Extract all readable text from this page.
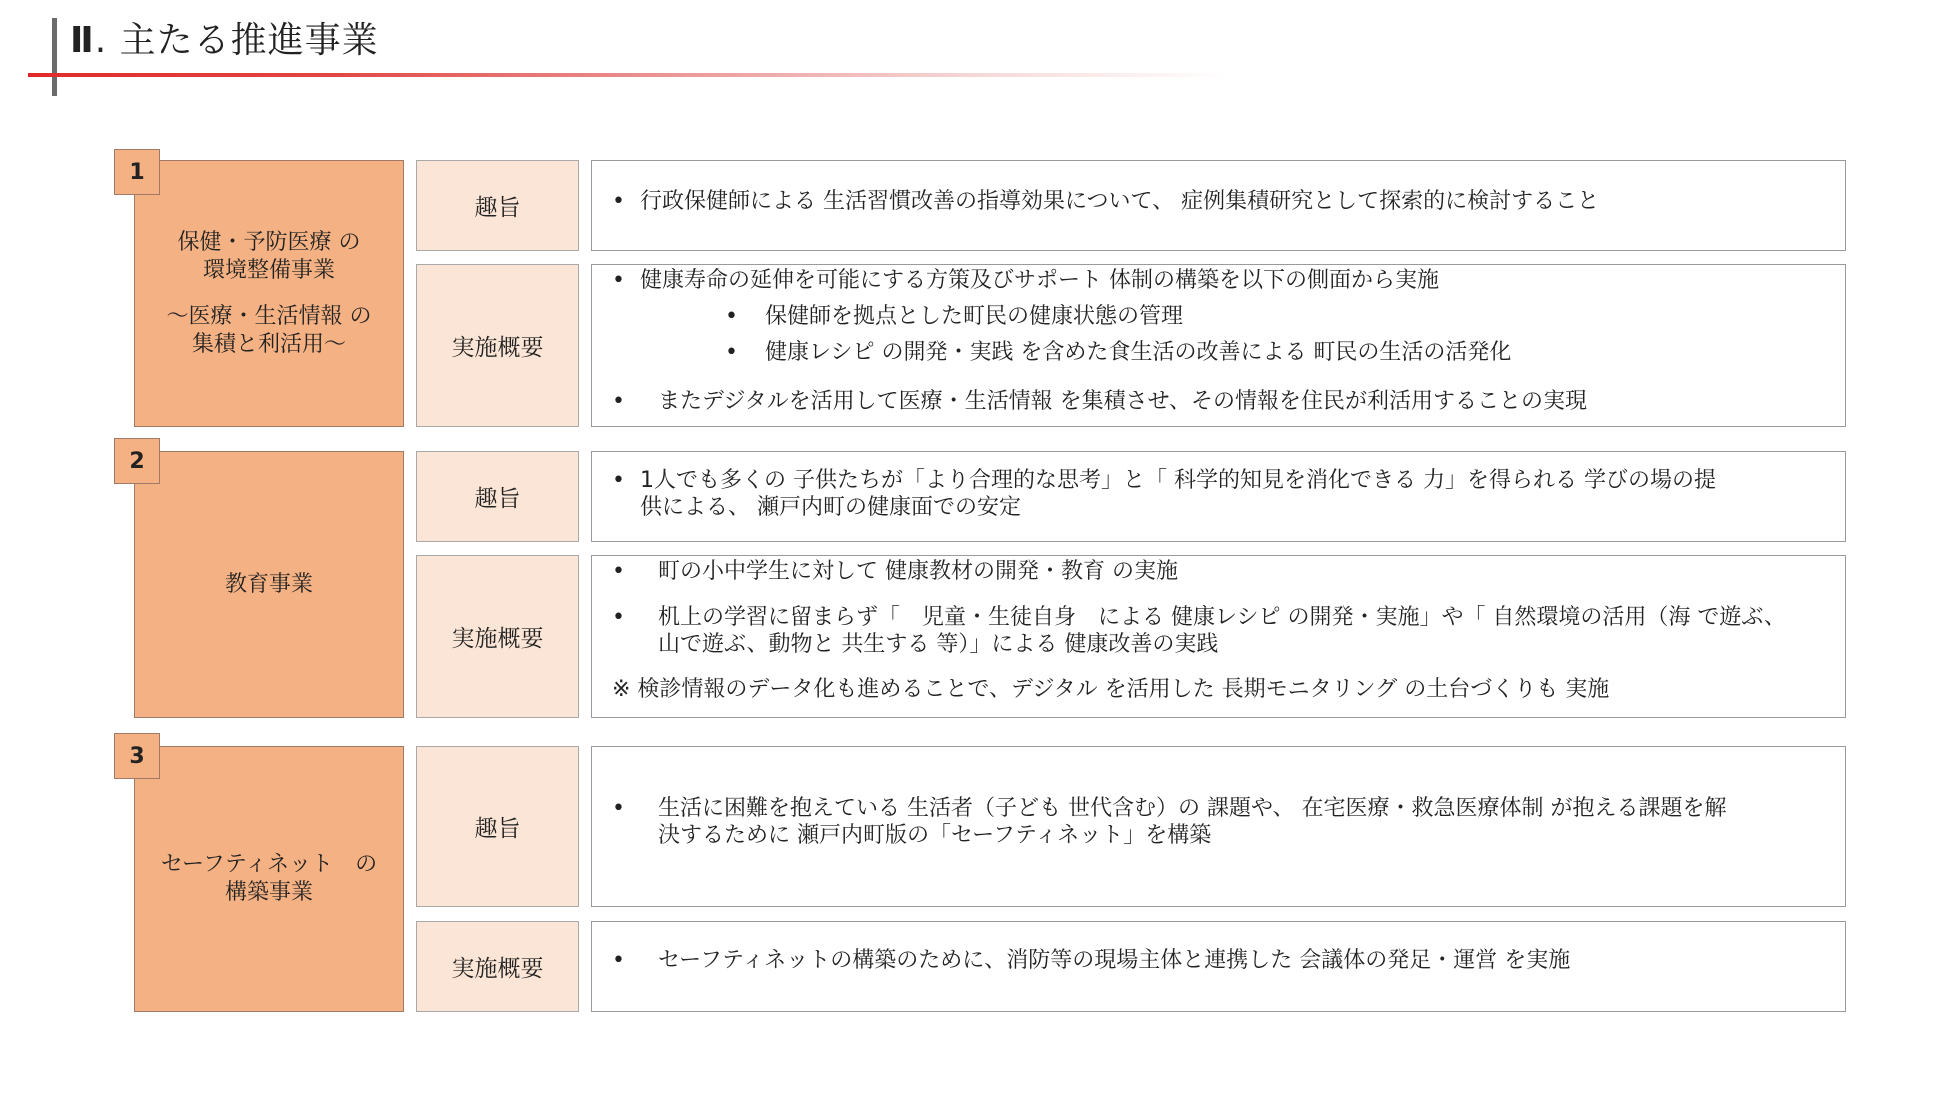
Ⅱ. 主たる推進事業
1
保健・予防医療 の
環境整備事業
～医療・生活情報 の
集積と利活用～
趣旨	• 行政保健師による 生活習慣改善の指導効果について、 症例集積研究として探索的に検討すること
実施概要
• 健康寿命の延伸を可能にする方策及びサポート 体制の構築を以下の側面から実施
• 保健師を拠点とした町民の健康状態の管理
• 健康レシピ の開発・実践 を含めた食生活の改善による 町民の生活の活発化
• またデジタルを活用して医療・生活情報 を集積させ、その情報を住民が利活用することの実現
2
教育事業
趣旨
• 1人でも多くの 子供たちが「より合理的な思考」と「 科学的知見を消化できる 力」を得られる 学びの場の提
供による、 瀬戸内町の健康面での安定
実施概要
• 町の小中学生に対して 健康教材の開発・教育 の実施
• 机上の学習に留まらず「　児童・生徒自身　による 健康レシピ の開発・実施」や「 自然環境の活用（海 で遊ぶ、
山で遊ぶ、動物と 共生する 等）」による 健康改善の実践
※ 検診情報のデータ化も進めることで、デジタル を活用した 長期モニタリング の土台づくりも 実施
3
セーフティネット　の
構築事業
趣旨
• 生活に困難を抱えている 生活者（子ども 世代含む）の 課題や、 在宅医療・救急医療体制 が抱える課題を解
決するために 瀬戸内町版の「セーフティネット」を構築
実施概要	• セーフティネットの構築のために、消防等の現場主体と連携した 会議体の発足・運営 を実施
